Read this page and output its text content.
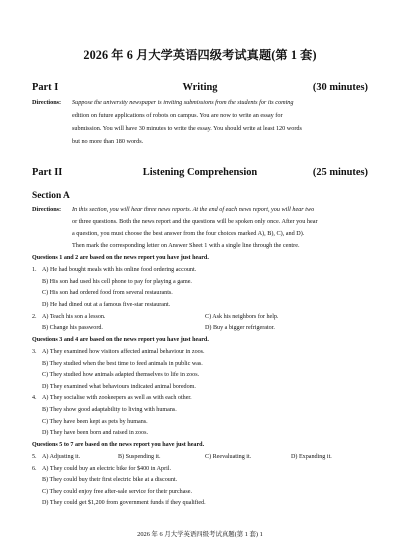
2026 年 6 月大学英语四级考试真题(第 1 套)
Part I	Writing	(30 minutes)
Directions: Suppose the university newspaper is inviting submissions from the students for its coming
edition on future applications of robots on campus. You are now to write an essay for
submission. You will have 30 minutes to write the essay. You should write at least 120 words
but no more than 180 words.
Part II	Listening Comprehension	(25 minutes)
Section A
Directions: In this section, you will hear three news reports. At the end of each news report, you will hear two
or three questions. Both the news report and the questions will be spoken only once. After you hear
a question, you must choose the best answer from the four choices marked A), B), C), and D).
Then mark the corresponding letter on Answer Sheet 1 with a single line through the centre.
Questions 1 and 2 are based on the news report you have just heard.
1. A) He had bought meals with his online food ordering account.
B) His son had used his cell phone to pay for playing a game.
C) His son had ordered food from several restaurants.
D) He had dined out at a famous five-star restaurant.
2. A) Teach his son a lesson.	C) Ask his neighbors for help.
B) Change his password.	D) Buy a bigger refrigerator.
Questions 3 and 4 are based on the news report you have just heard.
3. A) They examined how visitors affected animal behaviour in zoos.
B) They studied when the best time to feed animals in public was.
C) They studied how animals adapted themselves to life in zoos.
D) They examined what behaviours indicated animal boredom.
4. A) They socialise with zookeepers as well as with each other.
B) They show good adaptability to living with humans.
C) They have been kept as pets by humans.
D) They have been born and raised in zoos.
Questions 5 to 7 are based on the news report you have just heard.
5. A) Adjusting it.	B) Suspending it.	C) Reevaluating it.	D) Expanding it.
6. A) They could buy an electric bike for $400 in April.
B) They could buy their first electric bike at a discount.
C) They could enjoy free after-sale service for their purchase.
D) They could get $1,200 from government funds if they qualified.
2026 年 6 月大学英语四级考试真题(第 1 套) 1
